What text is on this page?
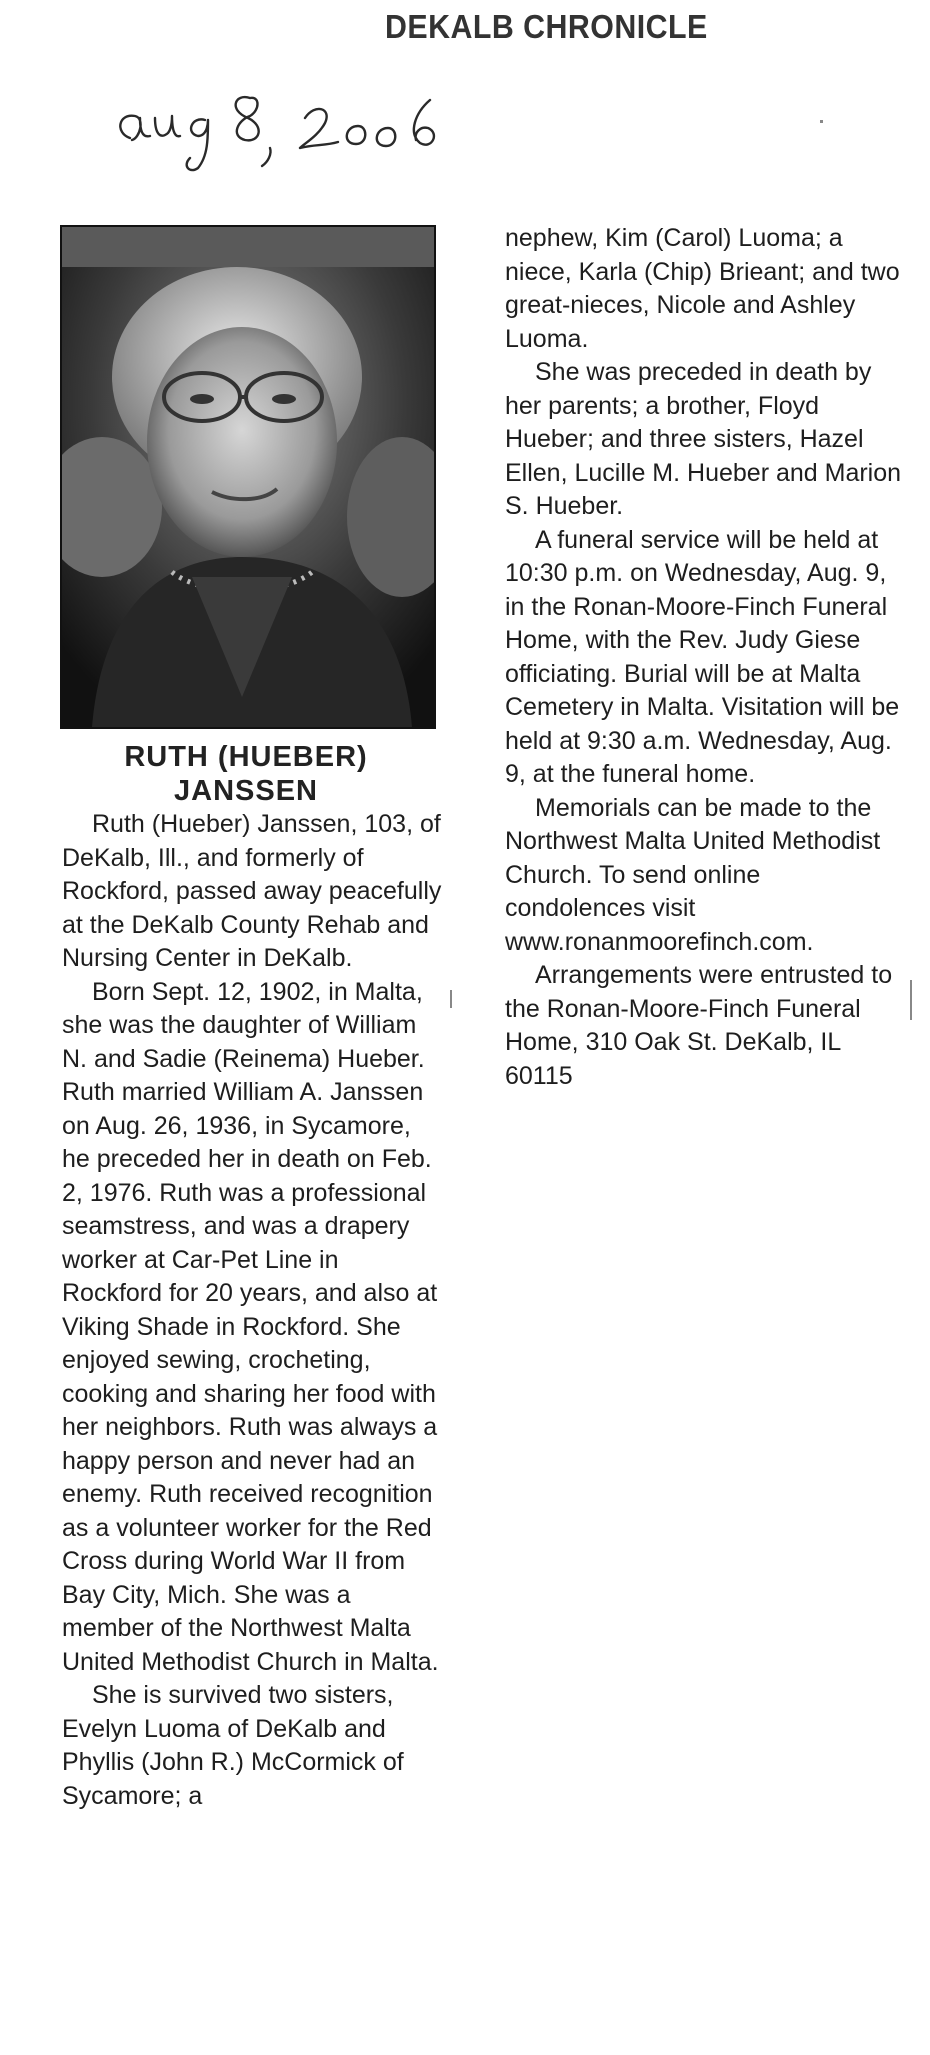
DEKALB CHRONICLE
RUTH (HUEBER)
JANSSEN

Ruth (Hueber) Janssen, 103, of DeKalb, Ill., and formerly of Rockford, passed away peacefully at the DeKalb County Rehab and Nursing Center in DeKalb.

Born Sept. 12, 1902, in Malta, she was the daughter of William N. and Sadie (Reinema) Hueber. Ruth married William A. Janssen on Aug. 26, 1936, in Sycamore, he preceded her in death on Feb. 2, 1976. Ruth was a professional seamstress, and was a drapery worker at Car-Pet Line in Rockford for 20 years, and also at Viking Shade in Rockford. She enjoyed sewing, crocheting, cooking and sharing her food with her neighbors. Ruth was always a happy person and never had an enemy. Ruth received recognition as a volunteer worker for the Red Cross during World War II from Bay City, Mich. She was a member of the Northwest Malta United Methodist Church in Malta.

She is survived two sisters, Evelyn Luoma of DeKalb and Phyllis (John R.) McCormick of Sycamore; a

nephew, Kim (Carol) Luoma; a niece, Karla (Chip) Brieant; and two great-nieces, Nicole and Ashley Luoma.

She was preceded in death by her parents; a brother, Floyd Hueber; and three sisters, Hazel Ellen, Lucille M. Hueber and Marion S. Hueber.

A funeral service will be held at 10:30 p.m. on Wednesday, Aug. 9, in the Ronan-Moore-Finch Funeral Home, with the Rev. Judy Giese officiating. Burial will be at Malta Cemetery in Malta. Visitation will be held at 9:30 a.m. Wednesday, Aug. 9, at the funeral home.

Memorials can be made to the Northwest Malta United Methodist Church. To send online condolences visit www.ronanmoorefinch.com.

Arrangements were entrusted to the Ronan-Moore-Finch Funeral Home, 310 Oak St. DeKalb, IL 60115
